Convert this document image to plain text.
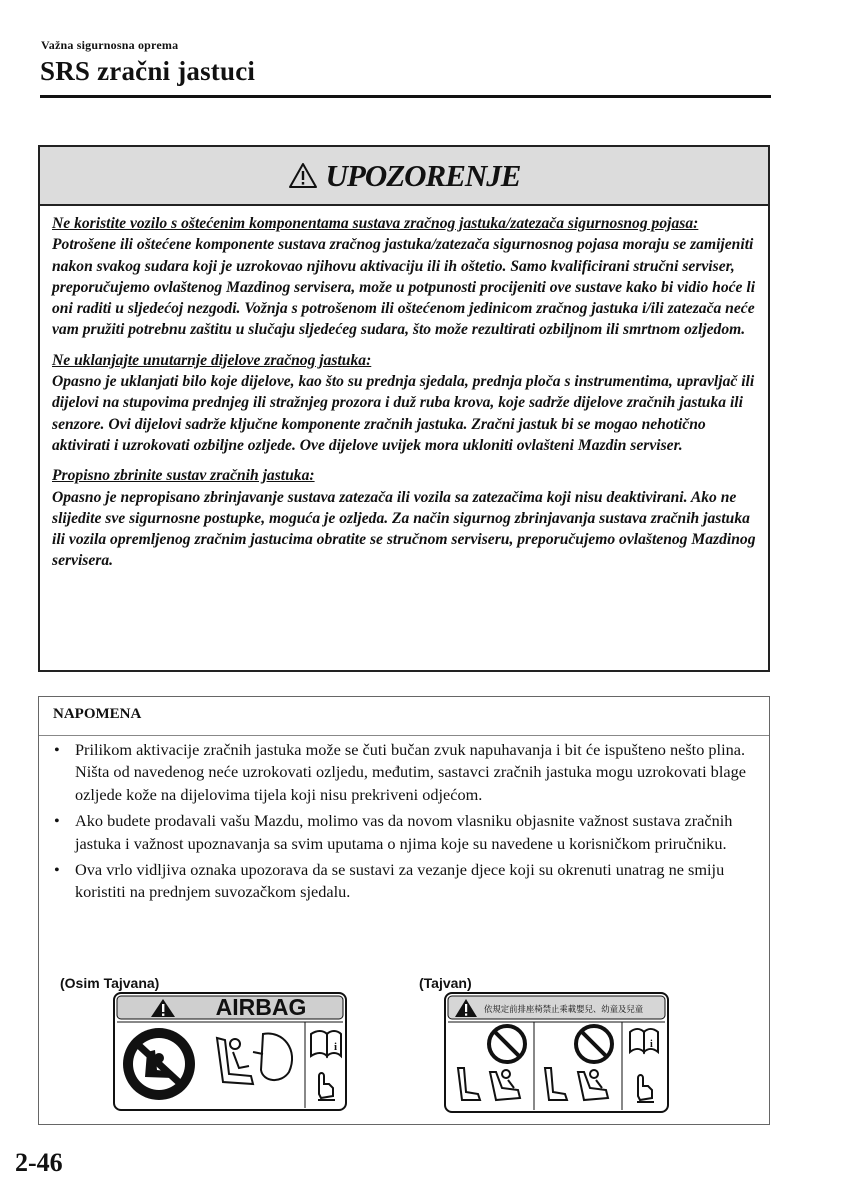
Važna sigurnosna oprema
SRS zračni jastuci
UPOZORENJE

Ne koristite vozilo s oštećenim komponentama sustava zračnog jastuka/zatezača sigurnosnog pojasa:
Potrošene ili oštećene komponente sustava zračnog jastuka/zatezača sigurnosnog pojasa moraju se zamijeniti nakon svakog sudara koji je uzrokovao njihovu aktivaciju ili ih oštetio. Samo kvalificirani stručni serviser, preporučujemo ovlaštenog Mazdinog servisera, može u potpunosti procijeniti ove sustave kako bi vidio hoće li oni raditi u sljedećoj nezgodi. Vožnja s potrošenom ili oštećenom jedinicom zračnog jastuka i/ili zatezača neće vam pružiti potrebnu zaštitu u slučaju sljedećeg sudara, što može rezultirati ozbiljnom ili smrtnom ozljedom.

Ne uklanjajte unutarnje dijelove zračnog jastuka:
Opasno je uklanjati bilo koje dijelove, kao što su prednja sjedala, prednja ploča s instrumentima, upravljač ili dijelovi na stupovima prednjeg ili stražnjeg prozora i duž ruba krova, koje sadrže dijelove zračnih jastuka ili senzore. Ovi dijelovi sadrže ključne komponente zračnih jastuka. Zračni jastuk bi se mogao nehotično aktivirati i uzrokovati ozbiljne ozljede. Ove dijelove uvijek mora ukloniti ovlašteni Mazdin serviser.

Propisno zbrinite sustav zračnih jastuka:
Opasno je nepropisano zbrinjavanje sustava zatezača ili vozila sa zatezačima koji nisu deaktivirani. Ako ne slijedite sve sigurnosne postupke, moguća je ozljeda. Za način sigurnog zbrinjavanja sustava zračnih jastuka ili vozila opremljenog zračnim jastucima obratite se stručnom serviseru, preporučujemo ovlaštenog Mazdinog servisera.

NAPOMENA
• Prilikom aktivacije zračnih jastuka može se čuti bučan zvuk napuhavanja i bit će ispušteno nešto plina. Ništa od navedenog neće uzrokovati ozljedu, međutim, sastavci zračnih jastuka mogu uzrokovati blage ozljede kože na dijelovima tijela koji nisu prekriveni odjećom.
• Ako budete prodavali vašu Mazdu, molimo vas da novom vlasniku objasnite važnost sustava zračnih jastuka i važnost upoznavanja sa svim uputama o njima koje su navedene u korisničkom priručniku.
• Ova vrlo vidljiva oznaka upozorava da se sustavi za vezanje djece koji su okrenuti unatrag ne smiju koristiti na prednjem suvozačkom sjedalu.
(Osim Tajvana)	(Tajvan)
AIRBAG
i
依規定前排座椅禁止乘載嬰兒、幼童及兒童
i
2-46
